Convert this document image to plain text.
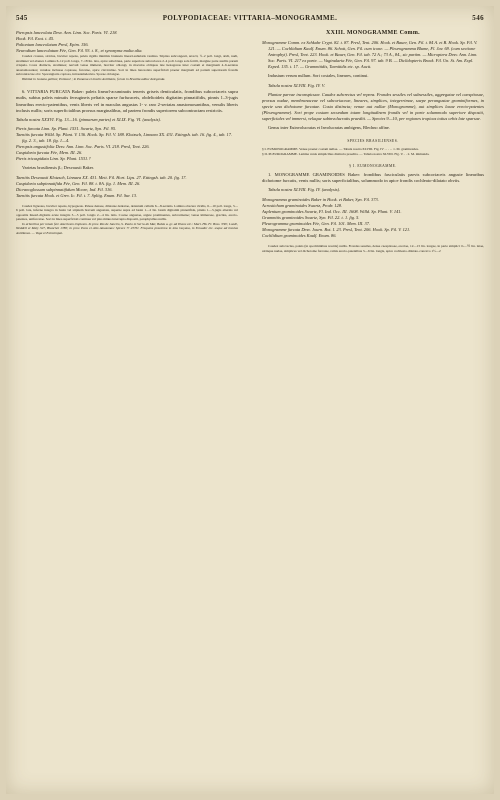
545	POLYPODIACEAE: VITTARIA–MONOGRAMME.	546

Pteropsis lanceolata Desv. Ann. Linn. Soc. Paris. VI. 218.

Hook. Fil. Exot. t. 45.

Paltonium lanceolatum Presl, Epim. 156.

Neurodium lanceolatum Fée, Gen. Fil. 93. t. 8., et synonyma multa alia.

Caudex crassus, strictus, breviter repens, paleis rigidis minimis brunneis linearl-subulatis vestitus. Stipites subcongesti, arrecti, ½–2 poll. longi, atidi, nudi, straminei vel ebenei. Lamina 6–12 poll. longa, 7–18 lin. lata, apice subobtusa, parte superiore subcoriacea 2–4 poll. longa sola fertili, margine parte sterilis parum crispula. Costa distincta, straminea; nervuli venae immersi, breviter oblongi, in maculos obliquas late hexagonas inter costam et marginem 4–6-seriatas anastomosantes; venulae inclusae copiosae, furcatae, apice clavicultae. Sori in linea lanceolata superficiali praeter marginali ad partem superiorem frondis subcontractae obv. Sporangiaria copiosa, intrastamelevuta. Sporae oblongae.

Habitat in Guiana gallica; Poiteau! ; in Panama et insulis Antillanis, forum in Brasilia adhuc detegenda.

6. VITTARIA FURCATA Baker: paleis linearl-acuminatis teneris griseis denticulatis, frondibus subcoriaceis supra nudis, subtus paleis minutis ferrugineis peltatis sparse furfuraceis, obdeltoideis digitatim pinnatifidis, pinnis 1–3-jugis linearibus erecto-patentibus, venis liberis vel in maculas angustas 1- v. raro 2-seriatas anastomosantibus, venulis liberis inclusis nullis; soris superficialibus prorsus marginalibus, ad partem frondis superiorem subcontractam restrictis.

Tabula nostra XXXVI. Fig. 13—16. (pinnarum partes) et XLIX. Fig. VI. (analysis).

Pteris furcata Linn. Sp. Plant. 1531. Swartz, Syn. Fil. 95.

Taenitis furcata Willd. Sp. Plant. V. 136. Hook. Sp. Fil. V. 188. Klotzsch, Linnaea XX. 431. Ettingsh. tab. 16. fig. 4., tab. 17. fig. 2. 3., tab. 18. fig. 1—4.

Pteropsis angustifolia Desv. Ann. Linn. Soc. Paris. VI. 218. Presl, Tent. 226.

Cuspidaria furcata Fée, Mem. III. 26.

Pteris tricuspidata Linn. Sp. Plant. 1531.?

Varietas brasiliensis β.; Desvauxii Baker.

Taenitis Desvauxii Klotzsch, Linnaea XX. 431. Mett. Fil. Hort. Lips. 27. Ettingsh. tab. 20. fig. 17.

Cuspidaria subpinnatifida Fée, Gen. Fil. 88. t. 8A. fig. 1. Mem. III. 26.

Dicranoglossum subpinnatifidum Moore, Ind. Fil. 316.

Taenitis furcata Hook. et Grev. Ic. Fil. t. 7. Splitg. Enum. Fil. Sur. 13.

Caudex lignosus, breviter repens, hypogaeus. Paleae densae, dilatatae dentatae, dentatum cellulis 6—8-seriatis. Lamina obscure viridis, 6—10 poll. longa, 3—6 poll. lata, inferne integra in basin vel stipitem brevem angustata, superne supra ad basin 1—2 lin. latam digitatim pinnatifida, pinnis 1—3-jugis alternis vel oppositis linearl-digitatis acute integris 3—5 poll. longis 2—4 lin. latis. Costae angustae, argute prominentes, subcarinatae; venae immersae, graciles, erecto-patentes, unifurcatae. Sori in linea superficiali continua vel plus minus interrupta dispositi, paraphysibus nullis.

In arboribus per totam fere Americam tropicam. In prov. Rio de Janeiro, S. Paulo in Serra do Mar, Bahia a. gr. ad Ilheos etc.: Mart. Hb. Fl. Bras. 330!, Lund!, Weddell et Maly 327, Blanchet 1780; in prov. Para et Alto Amazonas: Spruce 7! 2376!. Frequens praeterea in tota Guyana, in Ecuador etc. usque ad insulas Antillanas. — Vaga et Extratropai.

XXIII. MONOGRAMME Comm.

Monogramme Comm. ex Schkuhr Crypt. 82. t. 87. Presl, Tent. 206. Hook. et Bauer, Gen. Fil. t. 84 A. et B. Hook. Sp. Fil. V. 121. — Cochlidium Kaulf. Enum. 86. Schott, Gen. Fil. cum icone. — Pleurogramma Blume, Fl. Jav. 69. (cum sectione Antrophyi). Presl, Tent. 223. Hook. et Bauer, Gen. Fil. tab. 72 A.; 73 A., 84., sic partim. — Microptera Desv. Ann. Linn. Soc. Paris. VI. 217 ex parte. — Vaginularia Fée, Gen. Fil. 97. tab. 9 B. — Diclidopteris Brack. Fil. Un. St. Am. Expl. Exped. 135. t. 17. — Grammitidis, Taenitidis etc. sp. Auctt.

Indusium verum nullum. Sori costales, lineares, continui.

Tabula nostra XLVIII. Fig. IV. V.

Plantae parvae inconspicuae. Caudex subcrectus vel repens. Frondes sessiles vel subsessiles, aggregatae vel caespitosae, prorsus nudae, membranaceae vel subcoriaceae, lineares, simplices, integerrimae, saepe perangustae graminiformes, in specie una dichotome furcatae. Costa distincta; venae aut nullae (Monogramme), aut simplices laxae erecto-patentes (Pleurogramme). Sori prope costam secundum totam longitudinem frondis vel in parte solummodo superiore dispositi, superficiales vel immersi, velaque subinvolucratis praediti. — Species 9—10, per regiones tropicas totius orbis late sparsae.

Genus inter Euinvolucratas et Involucratas ambigens, Blechno affine.

SPECIES BRASILIENSES.

§ I. EUMONOGRAMME. Venae praeter costam nullae. — Tabula nostra XLVIII. Fig. IV . . . . . 1. M. graminoides.

§ II. PLEUROGRAMME. Lamina venis simplicibus distincta praedita. — Tabula nostra XLVIII. Fig. V. . . 2. M. immunda.

§ I. EUMONOGRAMME.

1. MONOGRAMME GRAMINOIDES Baker: frondibus fasciculatis parvis subcoriaceis angustе linearibus dichotome furcatis, venis nullis; soris superficialibus, solummodo in apice frondis cochleato-dilatato obviis.

Tabula nostra XLVIII. Fig. IV. (analysis).

Monogramma graminoides Baker in Hook. et Baker, Syn. Fil. 373.

Acrostichum graminoides Swartz, Prodr. 128.

Asplenium graminoides Swartz, Fl. Ind. Occ. III. 1608. Willd. Sp. Plant. V. 141.

Grammitis graminoides Swartz, Syn. Fil. 22. t. 1. fig. 5.

Pleurogramma graminoides Fée, Gen. Fil. 101. Mem. III. 37.

Monogramme furcata Desv. Journ. Bot. I. 23. Presl, Tent. 206. Hook. Sp. Fil. V. 121.

Cochlidium graminoides Kaulf. Enum. 86.

Caudex subcrectus, paleis (in speciminibus nostris) nullis. Frondes sessiles, dense caespitosae, erectae, 12—15 lin. longae, in parte simplici ⅛—⅙ lin. latae, utrinque nudae, simplices vel dichotome furcatae, ramis erecto-patentibus 3—6 lin. longis, apice cochleato-dilatato-concavo 1½—2
